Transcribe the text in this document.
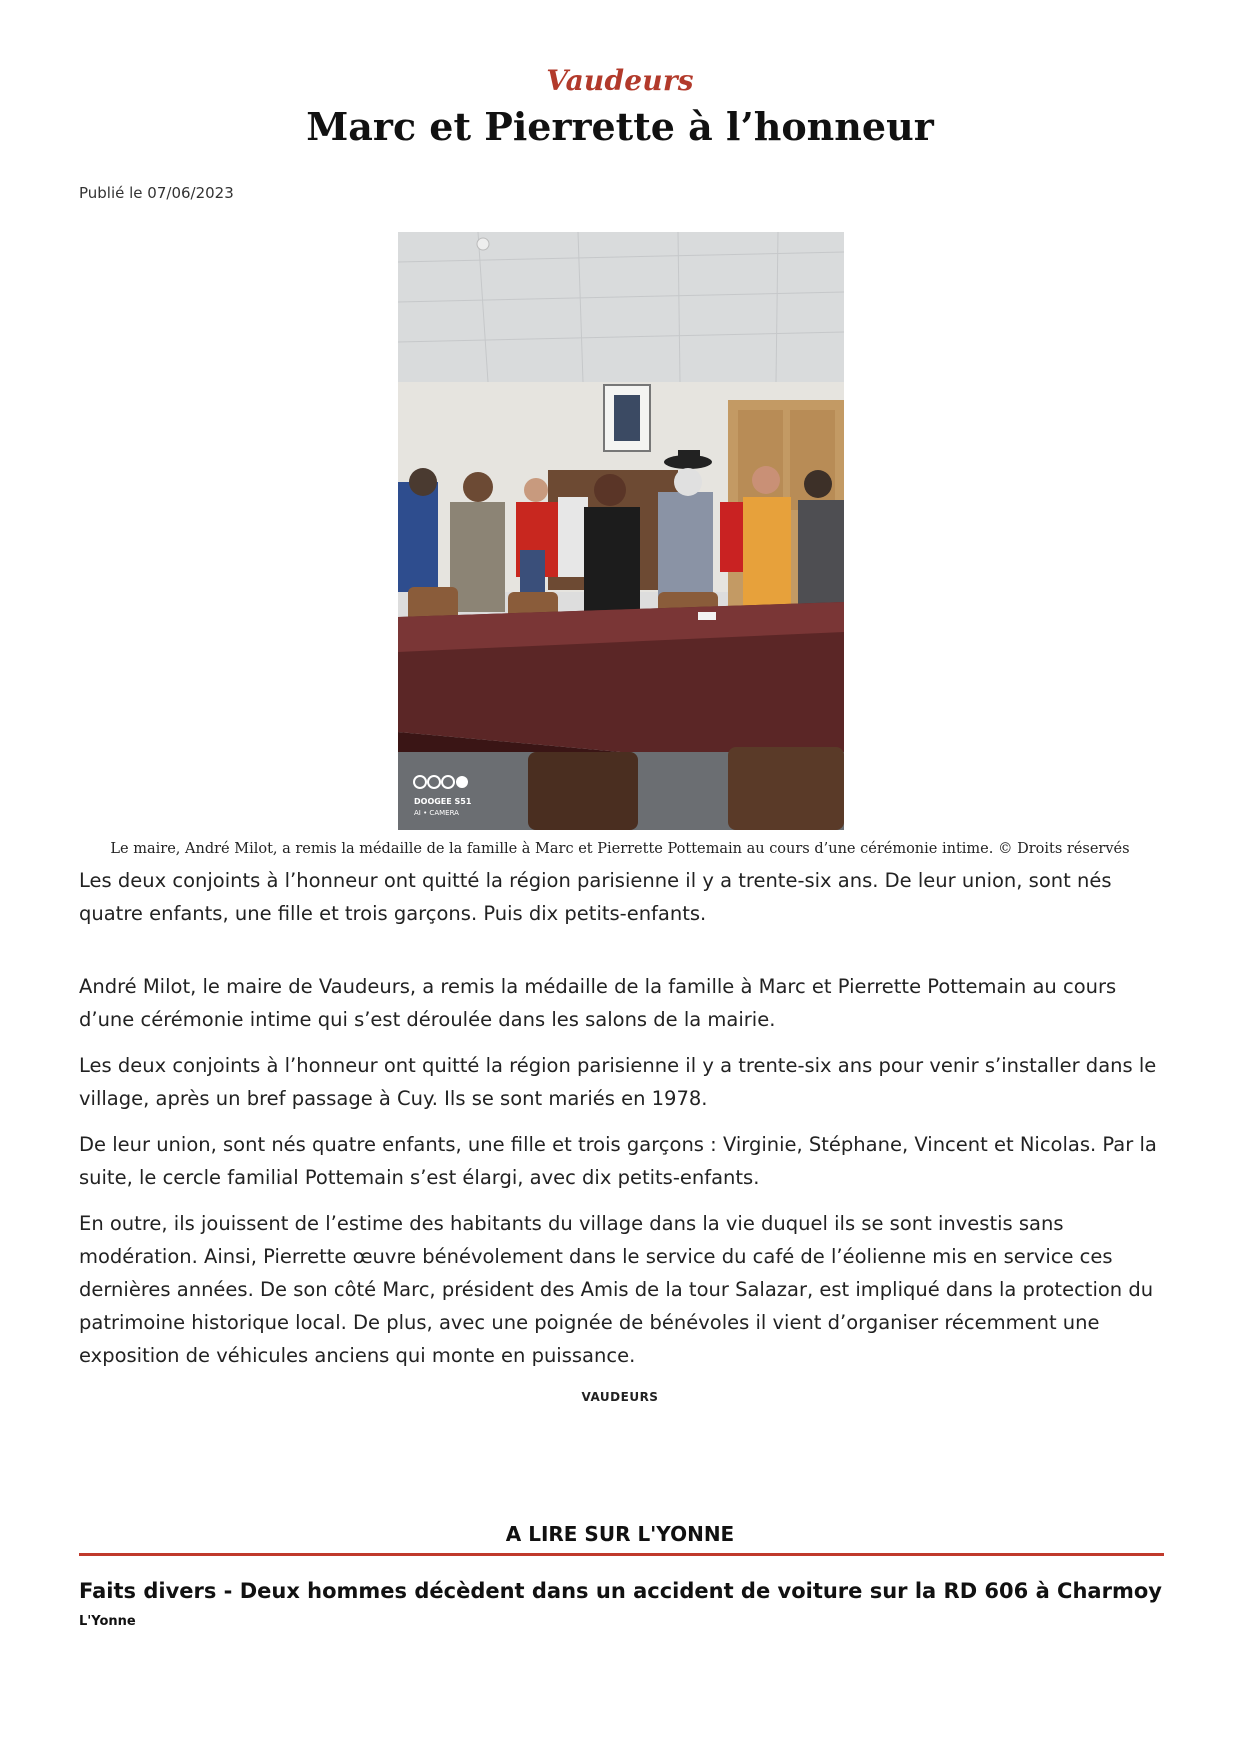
Vaudeurs
Marc et Pierrette à l’honneur
Publié le 07/06/2023
DOOGEE S51
AI • CAMERA
Le maire, André Milot, a remis la médaille de la famille à Marc et Pierrette Pottemain au cours d’une cérémonie intime. © Droits réservés

Les deux conjoints à l’honneur ont quitté la région parisienne il y a trente-six ans. De leur union, sont nés quatre enfants, une fille et trois garçons. Puis dix petits-enfants.

André Milot, le maire de Vaudeurs, a remis la médaille de la famille à Marc et Pierrette Pottemain au cours d’une cérémonie intime qui s’est déroulée dans les salons de la mairie.

Les deux conjoints à l’honneur ont quitté la région parisienne il y a trente-six ans pour venir s’installer dans le village, après un bref passage à Cuy. Ils se sont mariés en 1978.

De leur union, sont nés quatre enfants, une fille et trois garçons : Virginie, Stéphane, Vincent et Nicolas. Par la suite, le cercle familial Pottemain s’est élargi, avec dix petits-enfants.

En outre, ils jouissent de l’estime des habitants du village dans la vie duquel ils se sont investis sans modération. Ainsi, Pierrette œuvre bénévolement dans le service du café de l’éolienne mis en service ces dernières années. De son côté Marc, président des Amis de la tour Salazar, est impliqué dans la protection du patrimoine historique local. De plus, avec une poignée de bénévoles il vient d’organiser récemment une exposition de véhicules anciens qui monte en puissance.

VAUDEURS
A LIRE SUR L'YONNE
Faits divers - Deux hommes décèdent dans un accident de voiture sur la RD 606 à Charmoy
L'Yonne
